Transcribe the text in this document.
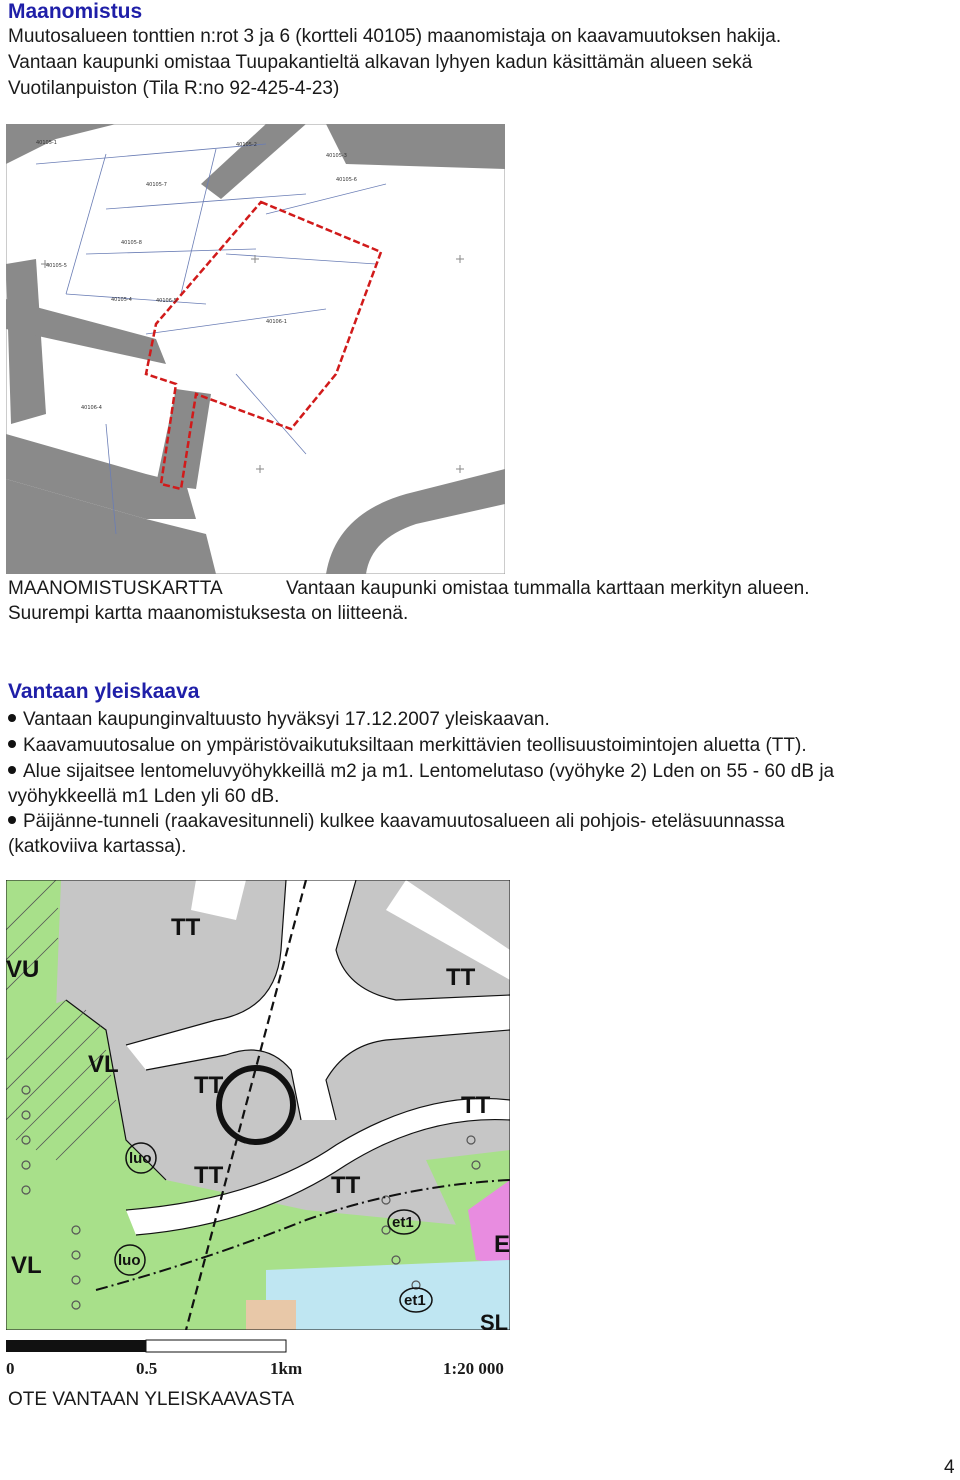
Maanomistus
Muutosalueen tonttien n:rot 3 ja 6 (kortteli 40105) maanomistaja on kaavamuutoksen hakija.
Vantaan kaupunki omistaa Tuupakantieltä alkavan lyhyen kadun käsittämän alueen sekä
Vuotilanpuiston (Tila R:no 92-425-4-23)
40105-3
40105-6
40105-2
40105-7
40105-8
40105-5
40105-4	40106-5
40106-1
40106-4
40105-1
MAANOMISTUSKARTTA	Vantaan kaupunki omistaa tummalla karttaan merkityn alueen.
Suurempi kartta maanomistuksesta on liitteenä.
Vantaan yleiskaava
Vantaan kaupunginvaltuusto hyväksyi 17.12.2007 yleiskaavan.
Kaavamuutosalue on ympäristövaikutuksiltaan merkittävien teollisuustoimintojen aluetta (TT).
Alue sijaitsee lentomeluvyöhykkeillä m2 ja m1. Lentomelutaso (vyöhyke 2) Lden on 55 - 60 dB ja
vyöhykkeellä m1 Lden yli 60 dB.
Päijänne-tunneli (raakavesitunneli) kulkee kaavamuutosalueen ali pohjois- eteläsuunnassa
(katkoviiva kartassa).
TT
TT
TT
TT
TT	TT
VU
VL
VL
E
SL
luo
luo
et1
et1
0	0.5	1km	1:20 000
OTE VANTAAN YLEISKAAVASTA
4
